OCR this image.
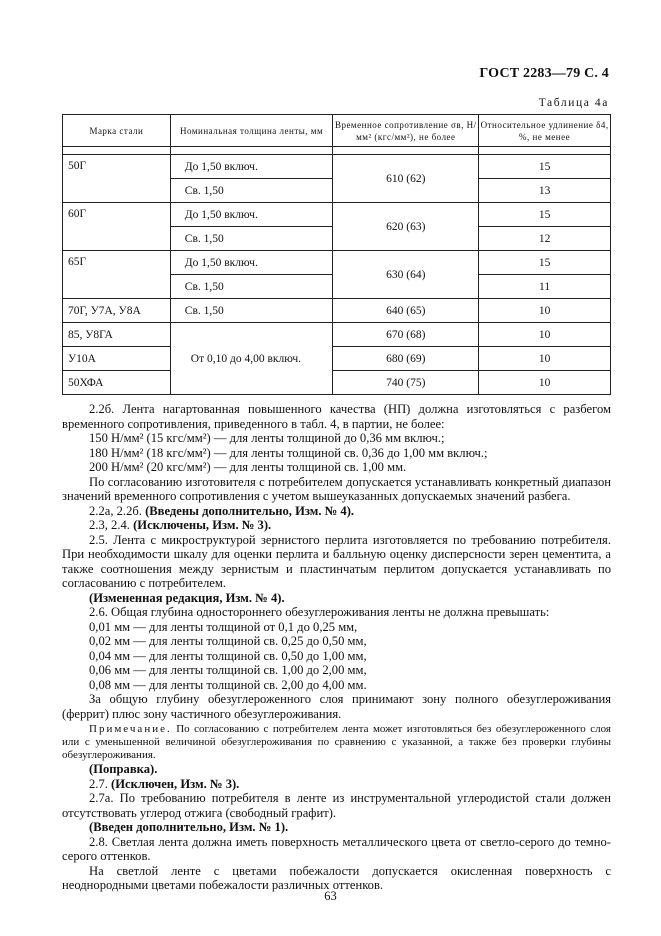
ГОСТ 2283—79 С. 4
Таблица 4а
Марка стали	Номинальная толщина ленты, мм	Временное сопротивление σв, Н/мм² (кгс/мм²), не более	Относительное удлинение δ4, %, не менее

50Г	До 1,50 включ.	610 (62)	15
	Св. 1,50		13
60Г	До 1,50 включ.	620 (63)	15
	Св. 1,50		12
65Г	До 1,50 включ.	630 (64)	15
	Св. 1,50		11
70Г, У7А, У8А	Св. 1,50	640 (65)	10
85, У8ГА	От 0,10 до 4,00 включ.	670 (68)	10
У10А		680 (69)	10
50ХФА		740 (75)	10

2.2б. Лента нагартованная повышенного качества (НП) должна изготовляться с разбегом временного сопротивления, приведенного в табл. 4, в партии, не более:

150 Н/мм² (15 кгс/мм²) — для ленты толщиной до 0,36 мм включ.;

180 Н/мм² (18 кгс/мм²) — для ленты толщиной св. 0,36 до 1,00 мм включ.;

200 Н/мм² (20 кгс/мм²) — для ленты толщиной св. 1,00 мм.

По согласованию изготовителя с потребителем допускается устанавливать конкретный диапазон значений временного сопротивления с учетом вышеуказанных допускаемых значений разбега.

2.2а, 2.2б. (Введены дополнительно, Изм. № 4).

2.3, 2.4. (Исключены, Изм. № 3).

2.5. Лента с микроструктурой зернистого перлита изготовляется по требованию потребителя. При необходимости шкалу для оценки перлита и балльную оценку дисперсности зерен цементита, а также соотношения между зернистым и пластинчатым перлитом допускается устанавливать по согласованию с потребителем.

(Измененная редакция, Изм. № 4).

2.6. Общая глубина одностороннего обезуглероживания ленты не должна превышать:

0,01 мм — для ленты толщиной от 0,1 до 0,25 мм,

0,02 мм — для ленты толщиной св. 0,25 до 0,50 мм,

0,04 мм — для ленты толщиной св. 0,50 до 1,00 мм,

0,06 мм — для ленты толщиной св. 1,00 до 2,00 мм,

0,08 мм — для ленты толщиной св. 2,00 до 4,00 мм.

За общую глубину обезуглероженного слоя принимают зону полного обезуглероживания (феррит) плюс зону частичного обезуглероживания.

Примечание. По согласованию с потребителем лента может изготовляться без обезуглероженного слоя или с уменьшенной величиной обезуглероживания по сравнению с указанной, а также без проверки глубины обезуглероживания.

(Поправка).

2.7. (Исключен, Изм. № 3).

2.7а. По требованию потребителя в ленте из инструментальной углеродистой стали должен отсутствовать углерод отжига (свободный графит).

(Введен дополнительно, Изм. № 1).

2.8. Светлая лента должна иметь поверхность металлического цвета от светло-серого до темно-серого оттенков.

На светлой ленте с цветами побежалости допускается окисленная поверхность с неоднородными цветами побежалости различных оттенков.

63
